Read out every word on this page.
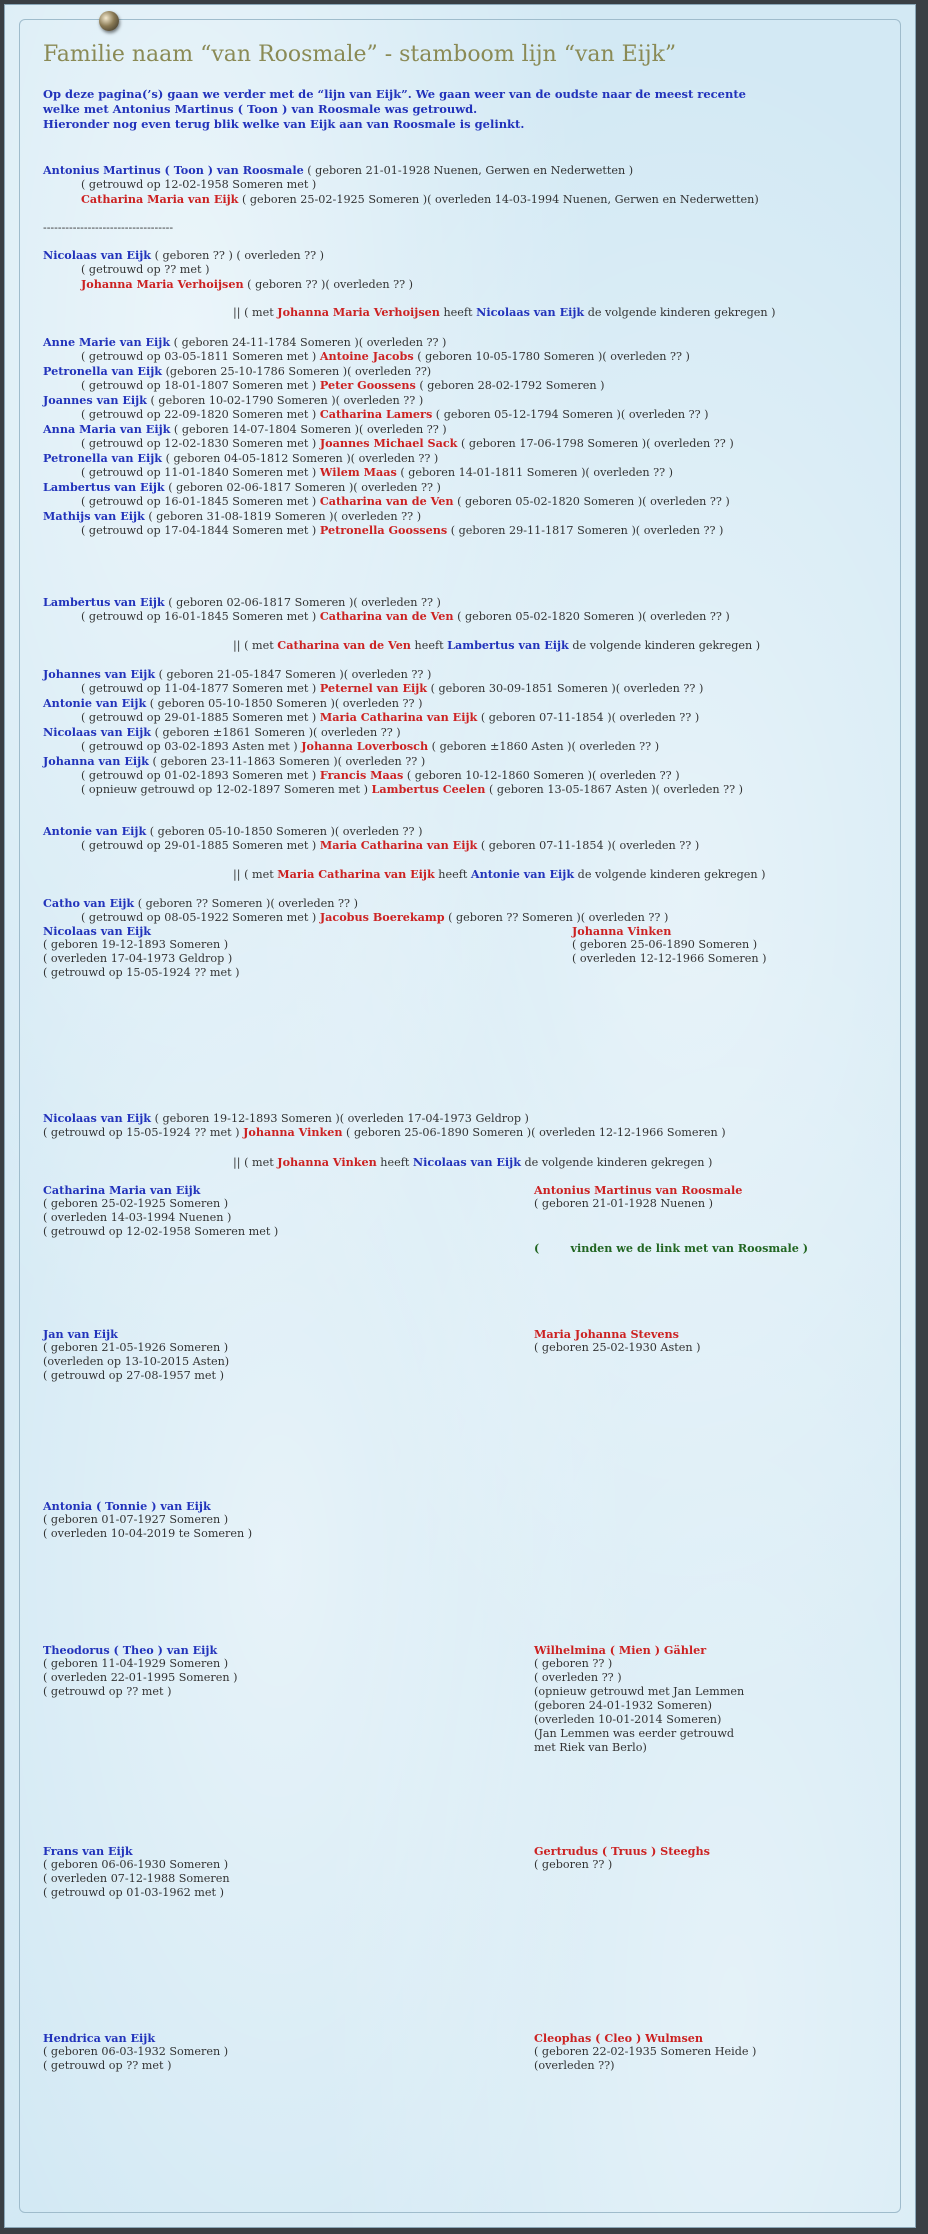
Familie naam “van Roosmale” - stamboom lijn “van Eijk”
Op deze pagina(’s) gaan we verder met de “lijn van Eijk”. We gaan weer van de oudste naar de meest recente
welke met Antonius Martinus ( Toon ) van Roosmale was getrouwd.
Hieronder nog even terug blik welke van Eijk aan van Roosmale is gelinkt.
Antonius Martinus ( Toon ) van Roosmale ( geboren 21-01-1928 Nuenen, Gerwen en Nederwetten )
( getrouwd op 12-02-1958 Someren met )
Catharina Maria van Eijk ( geboren 25-02-1925 Someren )( overleden 14-03-1994 Nuenen, Gerwen en Nederwetten)
-----------------------------------
Nicolaas van Eijk ( geboren ?? ) ( overleden ?? )
( getrouwd op ?? met )
Johanna Maria Verhoijsen ( geboren ?? )( overleden ?? )
|| ( met Johanna Maria Verhoijsen heeft Nicolaas van Eijk de volgende kinderen gekregen )
Anne Marie van Eijk ( geboren 24-11-1784 Someren )( overleden ?? )
( getrouwd op 03-05-1811 Someren met ) Antoine Jacobs ( geboren 10-05-1780 Someren )( overleden ?? )
Petronella van Eijk (geboren 25-10-1786 Someren )( overleden ??)
( getrouwd op 18-01-1807 Someren met ) Peter Goossens ( geboren 28-02-1792 Someren )
Joannes van Eijk ( geboren 10-02-1790 Someren )( overleden ?? )
( getrouwd op 22-09-1820 Someren met ) Catharina Lamers ( geboren 05-12-1794 Someren )( overleden ?? )
Anna Maria van Eijk ( geboren 14-07-1804 Someren )( overleden ?? )
( getrouwd op 12-02-1830 Someren met ) Joannes Michael Sack ( geboren 17-06-1798 Someren )( overleden ?? )
Petronella van Eijk ( geboren 04-05-1812 Someren )( overleden ?? )
( getrouwd op 11-01-1840 Someren met ) Wilem Maas ( geboren 14-01-1811 Someren )( overleden ?? )
Lambertus van Eijk ( geboren 02-06-1817 Someren )( overleden ?? )
( getrouwd op 16-01-1845 Someren met ) Catharina van de Ven ( geboren 05-02-1820 Someren )( overleden ?? )
Mathijs van Eijk ( geboren 31-08-1819 Someren )( overleden ?? )
( getrouwd op 17-04-1844 Someren met ) Petronella Goossens ( geboren 29-11-1817 Someren )( overleden ?? )
Lambertus van Eijk ( geboren 02-06-1817 Someren )( overleden ?? )
( getrouwd op 16-01-1845 Someren met ) Catharina van de Ven ( geboren 05-02-1820 Someren )( overleden ?? )
|| ( met Catharina van de Ven heeft Lambertus van Eijk de volgende kinderen gekregen )
Johannes van Eijk ( geboren 21-05-1847 Someren )( overleden ?? )
( getrouwd op 11-04-1877 Someren met ) Peternel van Eijk ( geboren 30-09-1851 Someren )( overleden ?? )
Antonie van Eijk ( geboren 05-10-1850 Someren )( overleden ?? )
( getrouwd op 29-01-1885 Someren met ) Maria Catharina van Eijk ( geboren 07-11-1854 )( overleden ?? )
Nicolaas van Eijk ( geboren ±1861 Someren )( overleden ?? )
( getrouwd op 03-02-1893 Asten met ) Johanna Loverbosch ( geboren ±1860 Asten )( overleden ?? )
Johanna van Eijk ( geboren 23-11-1863 Someren )( overleden ?? )
( getrouwd op 01-02-1893 Someren met ) Francis Maas ( geboren 10-12-1860 Someren )( overleden ?? )
( opnieuw getrouwd op 12-02-1897 Someren met ) Lambertus Ceelen ( geboren 13-05-1867 Asten )( overleden ?? )
Antonie van Eijk ( geboren 05-10-1850 Someren )( overleden ?? )
( getrouwd op 29-01-1885 Someren met ) Maria Catharina van Eijk ( geboren 07-11-1854 )( overleden ?? )
|| ( met Maria Catharina van Eijk heeft Antonie van Eijk de volgende kinderen gekregen )
Catho van Eijk ( geboren ?? Someren )( overleden ?? )
( getrouwd op 08-05-1922 Someren met ) Jacobus Boerekamp ( geboren ?? Someren )( overleden ?? )
Nicolaas van Eijk
( geboren 19-12-1893 Someren )
( overleden 17-04-1973 Geldrop )
( getrouwd op 15-05-1924 ?? met )
Johanna Vinken
( geboren 25-06-1890 Someren )
( overleden 12-12-1966 Someren )
Nicolaas van Eijk ( geboren 19-12-1893 Someren )( overleden 17-04-1973 Geldrop )
( getrouwd op 15-05-1924 ?? met ) Johanna Vinken ( geboren 25-06-1890 Someren )( overleden 12-12-1966 Someren )
|| ( met Johanna Vinken heeft Nicolaas van Eijk de volgende kinderen gekregen )
Catharina Maria van Eijk
( geboren 25-02-1925 Someren )
( overleden 14-03-1994 Nuenen )
( getrouwd op 12-02-1958 Someren met )
Antonius Martinus van Roosmale
( geboren 21-01-1928 Nuenen )
(        vinden we de link met van Roosmale )
Jan van Eijk
( geboren 21-05-1926 Someren )
(overleden op 13-10-2015 Asten)
( getrouwd op 27-08-1957 met )
Maria Johanna Stevens
( geboren 25-02-1930 Asten )
Antonia ( Tonnie ) van Eijk
( geboren 01-07-1927 Someren )
( overleden 10-04-2019 te Someren )
Theodorus ( Theo ) van Eijk
( geboren 11-04-1929 Someren )
( overleden 22-01-1995 Someren )
( getrouwd op ?? met )
Wilhelmina ( Mien ) Gähler
( geboren ?? )
( overleden ?? )
(opnieuw getrouwd met Jan Lemmen
(geboren 24-01-1932 Someren)
(overleden 10-01-2014 Someren)
(Jan Lemmen was eerder getrouwd
met Riek van Berlo)
Frans van Eijk
( geboren 06-06-1930 Someren )
( overleden 07-12-1988 Someren
( getrouwd op 01-03-1962 met )
Gertrudus ( Truus ) Steeghs
( geboren ?? )
Hendrica van Eijk
( geboren 06-03-1932 Someren )
( getrouwd op ?? met )
Cleophas ( Cleo ) Wulmsen
( geboren 22-02-1935 Someren Heide )
(overleden ??)
